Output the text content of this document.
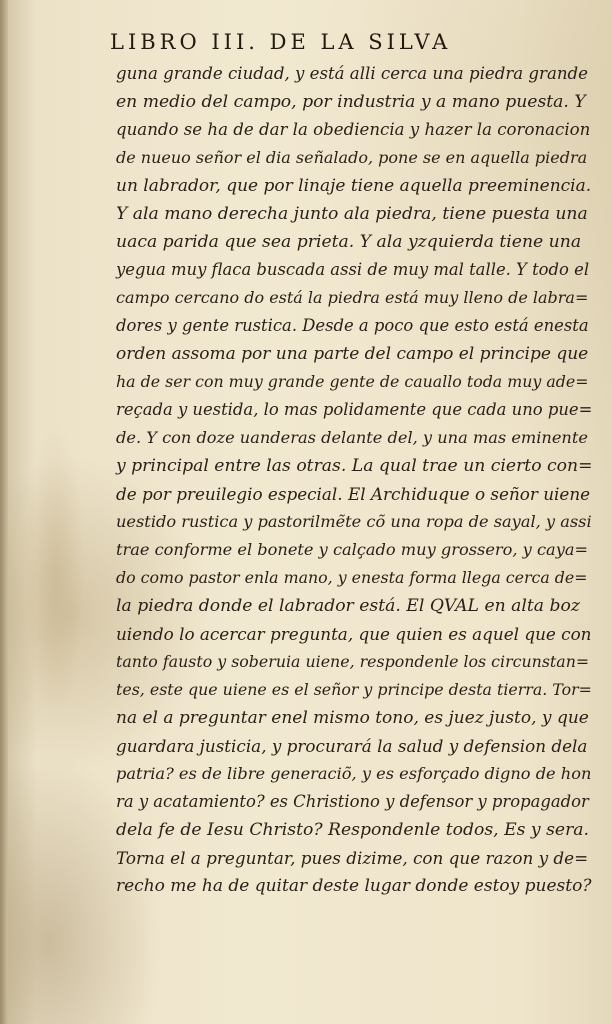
LIBRO III. DE LA SILVA
guna grande ciudad, y está alli cerca una piedra grande
en medio del campo, por industria y a mano puesta. Y
quando se ha de dar la obediencia y hazer la coronacion
de nueuo señor el dia señalado, pone se en aquella piedra
un labrador, que por linaje tiene aquella preeminencia.
Y ala mano derecha junto ala piedra, tiene puesta una
uaca parida que sea prieta. Y ala yzquierda tiene una
yegua muy flaca buscada assi de muy mal talle. Y todo el
campo cercano do está la piedra está muy lleno de labra=
dores y gente rustica. Desde a poco que esto está enesta
orden assoma por una parte del campo el principe que
ha de ser con muy grande gente de cauallo toda muy ade=
reçada y uestida, lo mas polidamente que cada uno pue=
de. Y con doze uanderas delante del, y una mas eminente
y principal entre las otras. La qual trae un cierto con=
de por preuilegio especial. El Archiduque o señor uiene
uestido rustica y pastorilmẽte cõ una ropa de sayal, y assi
trae conforme el bonete y calçado muy grossero, y caya=
do como pastor enla mano, y enesta forma llega cerca de=
la piedra donde el labrador está. El QVAL en alta boz
uiendo lo acercar pregunta, que quien es aquel que con
tanto fausto y soberuia uiene, respondenle los circunstan=
tes, este que uiene es el señor y principe desta tierra. Tor=
na el a preguntar enel mismo tono, es juez justo, y que
guardara justicia, y procurará la salud y defension dela
patria? es de libre generaciõ, y es esforçado digno de hon
ra y acatamiento? es Christiono y defensor y propagador
dela fe de Iesu Christo? Respondenle todos, Es y sera.
Torna el a preguntar, pues dizime, con que razon y de=
recho me ha de quitar deste lugar donde estoy puesto?
